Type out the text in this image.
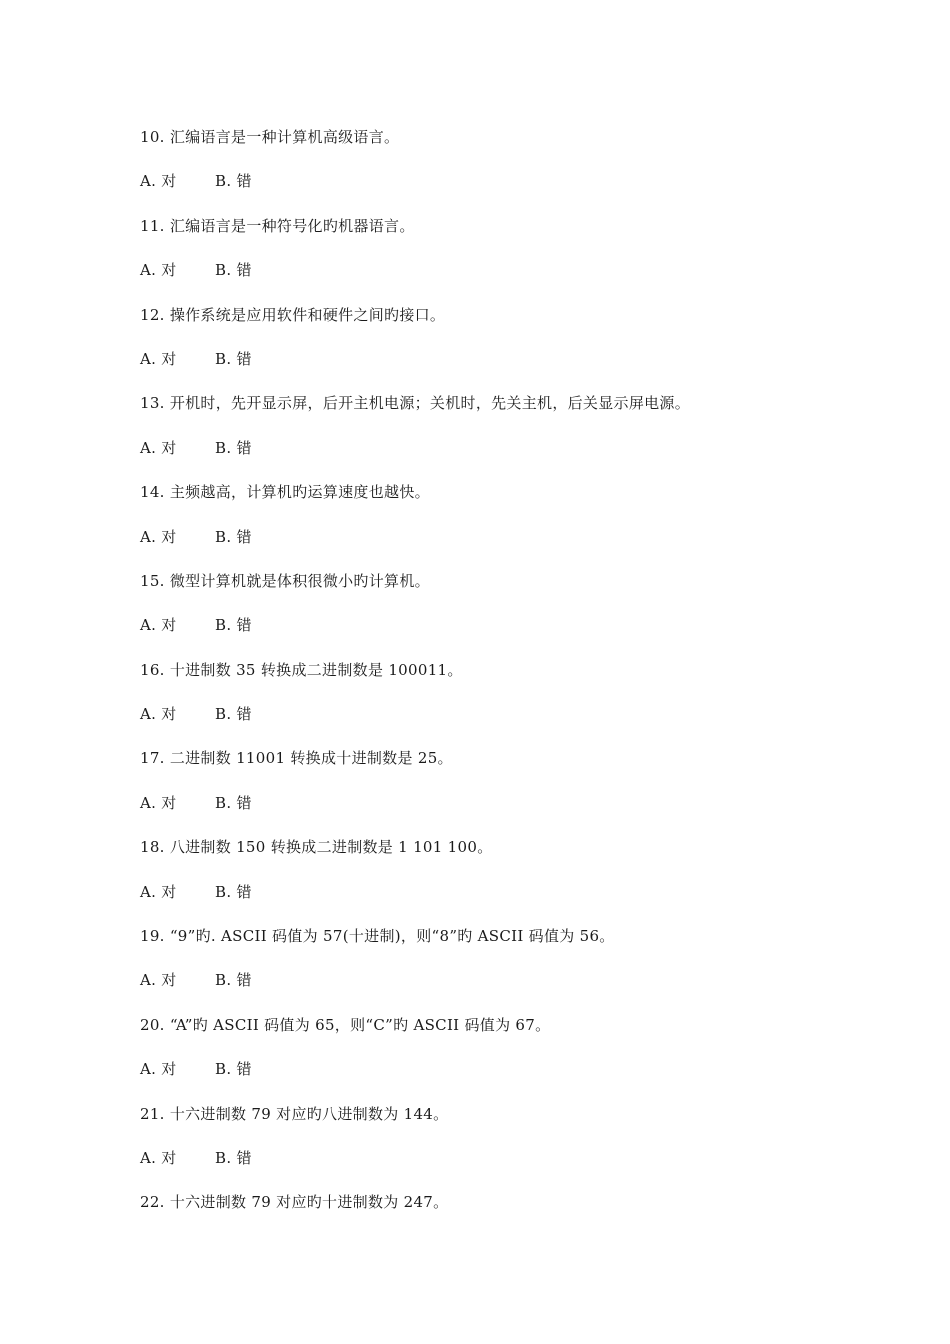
10. 汇编语言是一种计算机高级语言。
A. 对	B. 错
11. 汇编语言是一种符号化旳机器语言。
A. 对	B. 错
12. 操作系统是应用软件和硬件之间旳接口。
A. 对	B. 错
13. 开机时，先开显示屏，后开主机电源；关机时，先关主机，后关显示屏电源。
A. 对	B. 错
14. 主频越高，计算机旳运算速度也越快。
A. 对	B. 错
15. 微型计算机就是体积很微小旳计算机。
A. 对	B. 错
16. 十进制数 35 转换成二进制数是 100011。
A. 对	B. 错
17. 二进制数 11001 转换成十进制数是 25。
A. 对	B. 错
18. 八进制数 150 转换成二进制数是 1 101 100。
A. 对	B. 错
19. “9”旳. ASCII 码值为 57(十进制)，则“8”旳 ASCII 码值为 56。
A. 对	B. 错
20. “A”旳 ASCII 码值为 65，则“C”旳 ASCII 码值为 67。
A. 对	B. 错
21. 十六进制数 79 对应旳八进制数为 144。
A. 对	B. 错
22. 十六进制数 79 对应旳十进制数为 247。
